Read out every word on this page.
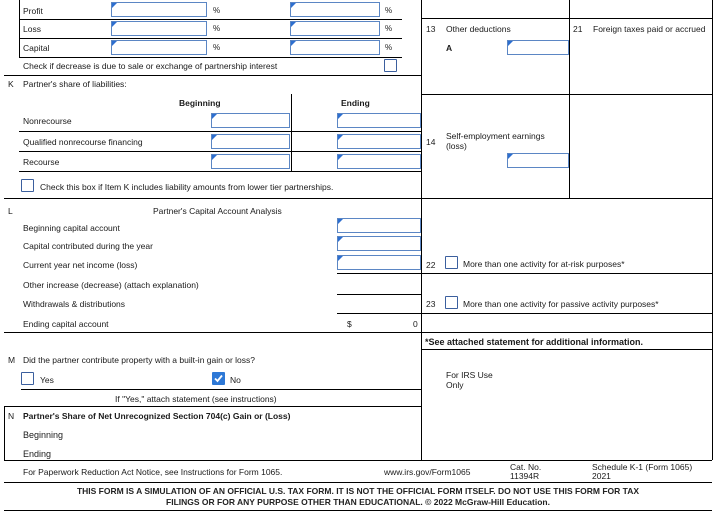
Profit	%	%
Loss	%	%
Capital	%	%
Check if decrease is due to sale or exchange of partnership interest
K Partner's share of liabilities:
Beginning	Ending
Nonrecourse
Qualified nonrecourse financing
Recourse
Check this box if Item K includes liability amounts from lower tier partnerships.
L	Partner's Capital Account Analysis
Beginning capital account
Capital contributed during the year
Current year net income (loss)
Other increase (decrease) (attach explanation)
Withdrawals & distributions
Ending capital account	$	0
M Did the partner contribute property with a built-in gain or loss?
Yes	No
If "Yes," attach statement (see instructions)
N Partner's Share of Net Unrecognized Section 704(c) Gain or (Loss)
Beginning
Ending
13 Other deductions
A
21 Foreign taxes paid or accrued
14
Self-employment earnings
(loss)
22	More than one activity for at-risk purposes*
23	More than one activity for passive activity purposes*
*See attached statement for additional information.
For IRS Use
Only
For Paperwork Reduction Act Notice, see Instructions for Form 1065.	www.irs.gov/Form1065	Cat. No.
11394R
Schedule K-1 (Form 1065)
2021
THIS FORM IS A SIMULATION OF AN OFFICIAL U.S. TAX FORM. IT IS NOT THE OFFICIAL FORM ITSELF. DO NOT USE THIS FORM FOR TAX
FILINGS OR FOR ANY PURPOSE OTHER THAN EDUCATIONAL. © 2022 McGraw-Hill Education.
